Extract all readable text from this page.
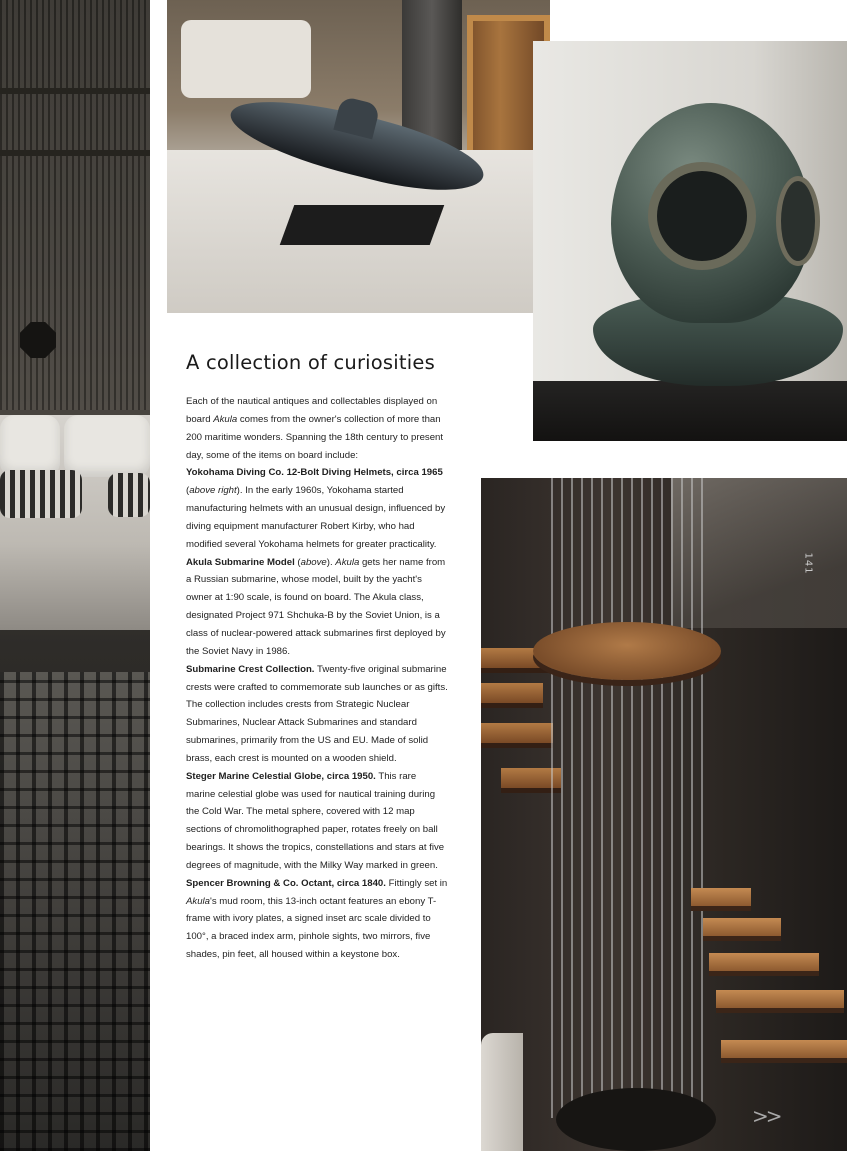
>>
141
A collection of curiosities

Each of the nautical antiques and collectables displayed on board Akula comes from the owner's collection of more than 200 maritime wonders. Spanning the 18th century to present day, some of the items on board include:

Yokohama Diving Co. 12-Bolt Diving Helmets, circa 1965 (above right). In the early 1960s, Yokohama started manufacturing helmets with an unusual design, influenced by diving equipment manufacturer Robert Kirby, who had modified several Yokohama helmets for greater practicality.

Akula Submarine Model (above). Akula gets her name from a Russian submarine, whose model, built by the yacht's owner at 1:90 scale, is found on board. The Akula class, designated Project 971 Shchuka-B by the Soviet Union, is a class of nuclear-powered attack submarines first deployed by the Soviet Navy in 1986.

Submarine Crest Collection. Twenty-five original submarine crests were crafted to commemorate sub launches or as gifts. The collection includes crests from Strategic Nuclear Submarines, Nuclear Attack Submarines and standard submarines, primarily from the US and EU. Made of solid brass, each crest is mounted on a wooden shield.

Steger Marine Celestial Globe, circa 1950. This rare marine celestial globe was used for nautical training during the Cold War. The metal sphere, covered with 12 map sections of chromolithographed paper, rotates freely on ball bearings. It shows the tropics, constellations and stars at five degrees of magnitude, with the Milky Way marked in green.

Spencer Browning & Co. Octant, circa 1840. Fittingly set in Akula's mud room, this 13-inch octant features an ebony T-frame with ivory plates, a signed inset arc scale divided to 100°, a braced index arm, pinhole sights, two mirrors, five shades, pin feet, all housed within a keystone box.
